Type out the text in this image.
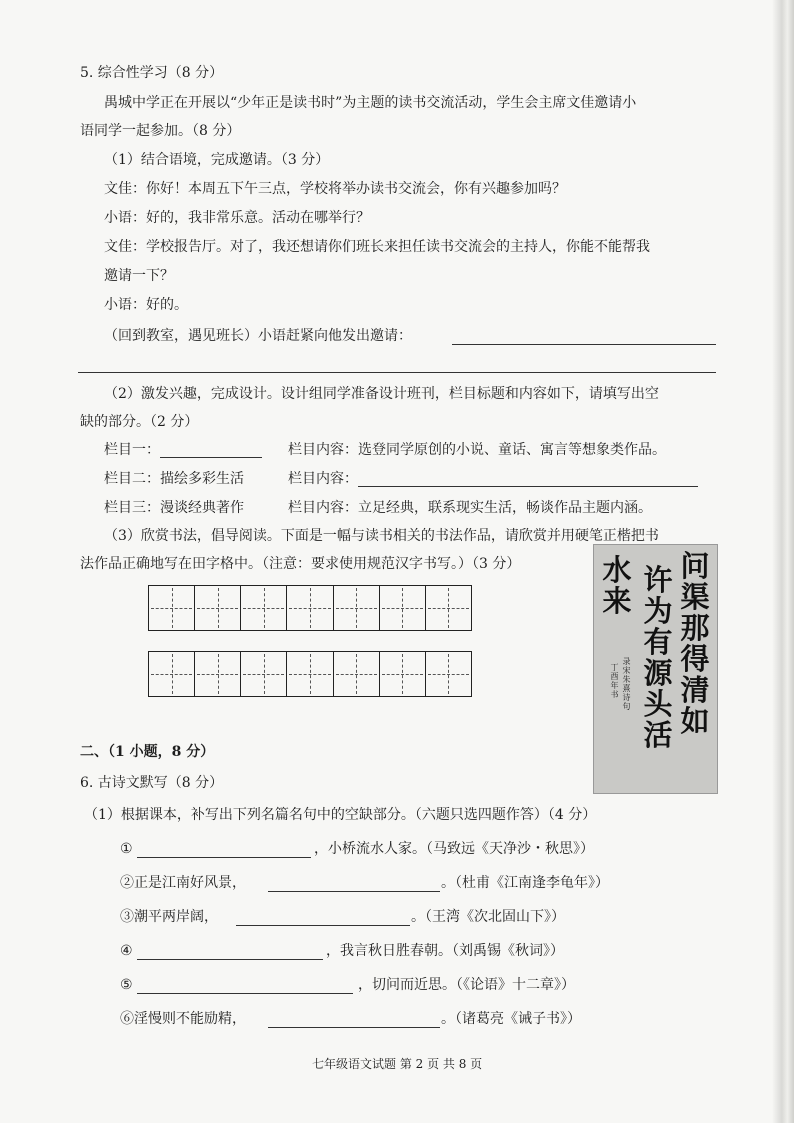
5. 综合性学习（8 分）
禺城中学正在开展以“少年正是读书时”为主题的读书交流活动，学生会主席文佳邀请小
语同学一起参加。（8 分）
（1）结合语境，完成邀请。（3 分）
文佳：你好！本周五下午三点，学校将举办读书交流会，你有兴趣参加吗？
小语：好的，我非常乐意。活动在哪举行？
文佳：学校报告厅。对了，我还想请你们班长来担任读书交流会的主持人，你能不能帮我
邀请一下？
小语：好的。
（回到教室，遇见班长）小语赶紧向他发出邀请：
（2）激发兴趣，完成设计。设计组同学准备设计班刊，栏目标题和内容如下，请填写出空
缺的部分。（2 分）
栏目一：	栏目内容：选登同学原创的小说、童话、寓言等想象类作品。
栏目二：描绘多彩生活	栏目内容：
栏目三：漫谈经典著作	栏目内容：立足经典，联系现实生活，畅谈作品主题内涵。
（3）欣赏书法，倡导阅读。下面是一幅与读书相关的书法作品，请欣赏并用硬笔正楷把书
法作品正确地写在田字格中。（注意：要求使用规范汉字书写。）（3 分）	问渠那得清如
许为有源头活
水来
录宋朱熹诗句
丁酉年书
二、（1 小题，8 分）
6. 古诗文默写（8 分）
（1）根据课本，补写出下列名篇名句中的空缺部分。（六题只选四题作答）（4 分）
①	，小桥流水人家。（马致远《天净沙・秋思》）
②正是江南好风景，	。（杜甫《江南逢李龟年》）
③潮平两岸阔，	。（王湾《次北固山下》）
④	，我言秋日胜春朝。（刘禹锡《秋词》）
⑤	，切问而近思。（《论语》十二章》）
⑥淫慢则不能励精，	。（诸葛亮《诫子书》）
七年级语文试题 第 2 页 共 8 页
